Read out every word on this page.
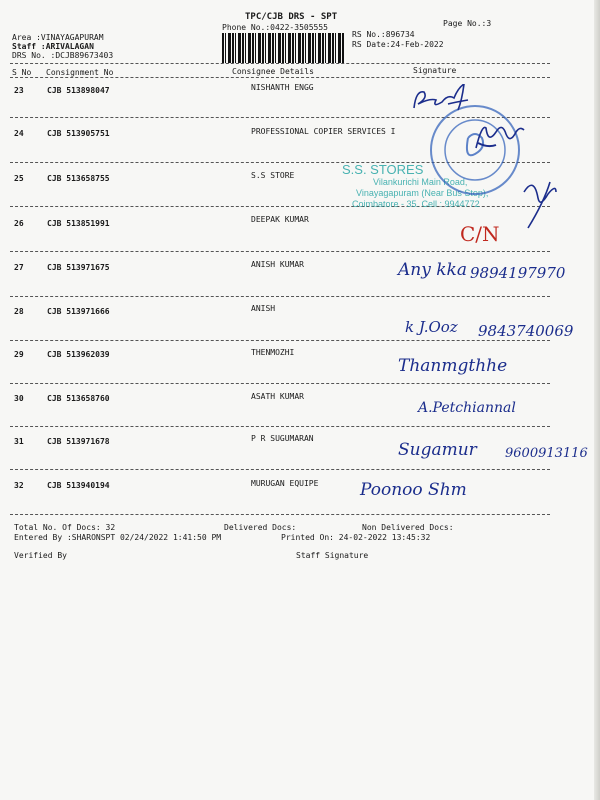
TPC/CJB DRS - SPT
Phone No.:0422-3505555	Page No.:3
RS No.:896734
RS Date:24-Feb-2022
Area :VINAYAGAPURAM
Staff :ARIVALAGAN
DRS No. :DCJB89673403
S No Consignment No	Consignee Details	Signature
23	CJB 513898047	NISHANTH ENGG
24	CJB 513905751	PROFESSIONAL COPIER SERVICES I
25	CJB 513658755	S.S STORE
26	CJB 513851991	DEEPAK KUMAR
27	CJB 513971675	ANISH KUMAR
28	CJB 513971666	ANISH
29	CJB 513962039	THENMOZHI
30	CJB 513658760	ASATH KUMAR
31	CJB 513971678	P R SUGUMARAN
32	CJB 513940194	MURUGAN EQUIPE
S.S. STORES
Vilankurichi Main Road,
Vinayagapuram (Near Bus Stop),
Coimbatore - 35. Cell : 9944772
C/N
Any kka 9894197970
k J.Ooz 9843740069
Thanmgthhe
A.Petchiannal
Sugamur 9600913116
Poonoo Shm
Total No. Of Docs: 32	Delivered Docs:	Non Delivered Docs:
Entered By :SHARONSPT 02/24/2022 1:41:50 PM	Printed On: 24-02-2022 13:45:32
Verified By	Staff Signature
